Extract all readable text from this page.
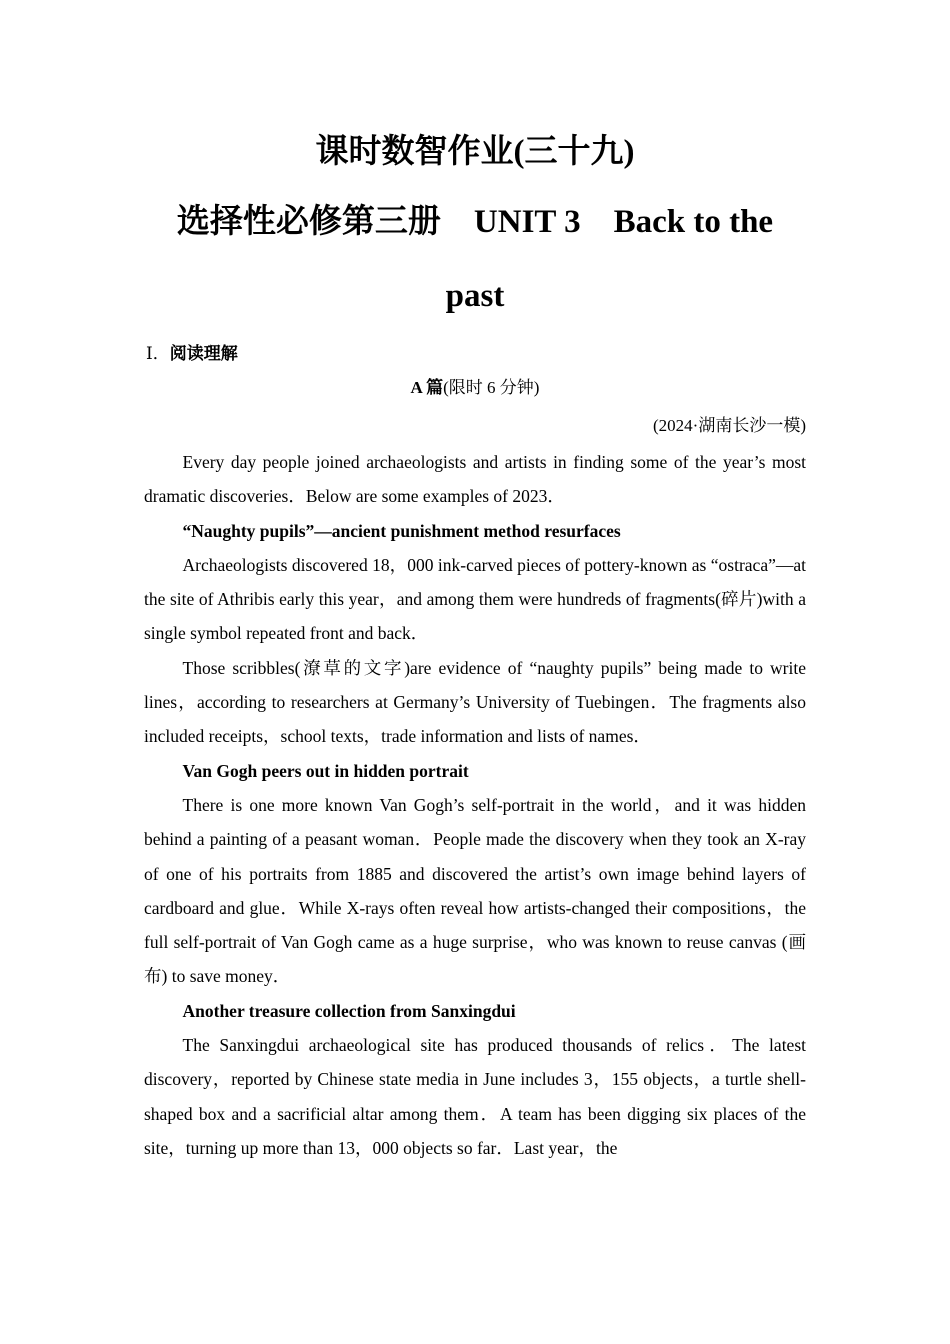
课时数智作业(三十九)
选择性必修第三册　UNIT 3　Back to the
past
Ⅰ．阅读理解
A 篇(限时 6 分钟)
(2024·湖南长沙一模)

Every day people joined archaeologists and artists in finding some of the year’s most dramatic discoveries．Below are some examples of 2023．

“Naughty pupils”—ancient punishment method resurfaces

Archaeologists discovered 18，000 ink-carved pieces of pottery-known as “ostraca”—at the site of Athribis early this year，and among them were hundreds of fragments(碎片)with a single symbol repeated front and back．

Those scribbles(潦草的文字)are evidence of “naughty pupils” being made to write lines，according to researchers at Germany’s University of Tuebingen．The fragments also included receipts，school texts，trade information and lists of names．

Van Gogh peers out in hidden portrait

There is one more known Van Gogh’s self-portrait in the world，and it was hidden behind a painting of a peasant woman．People made the discovery when they took an X-ray of one of his portraits from 1885 and discovered the artist’s own image behind layers of cardboard and glue．While X-rays often reveal how artists-changed their compositions，the full self-portrait of Van Gogh came as a huge surprise，who was known to reuse canvas (画布) to save money．

Another treasure collection from Sanxingdui

The Sanxingdui archaeological site has produced thousands of relics．The latest discovery，reported by Chinese state media in June includes 3，155 objects，a turtle shell-shaped box and a sacrificial altar among them．A team has been digging six places of the site，turning up more than 13，000 objects so far．Last year，the
